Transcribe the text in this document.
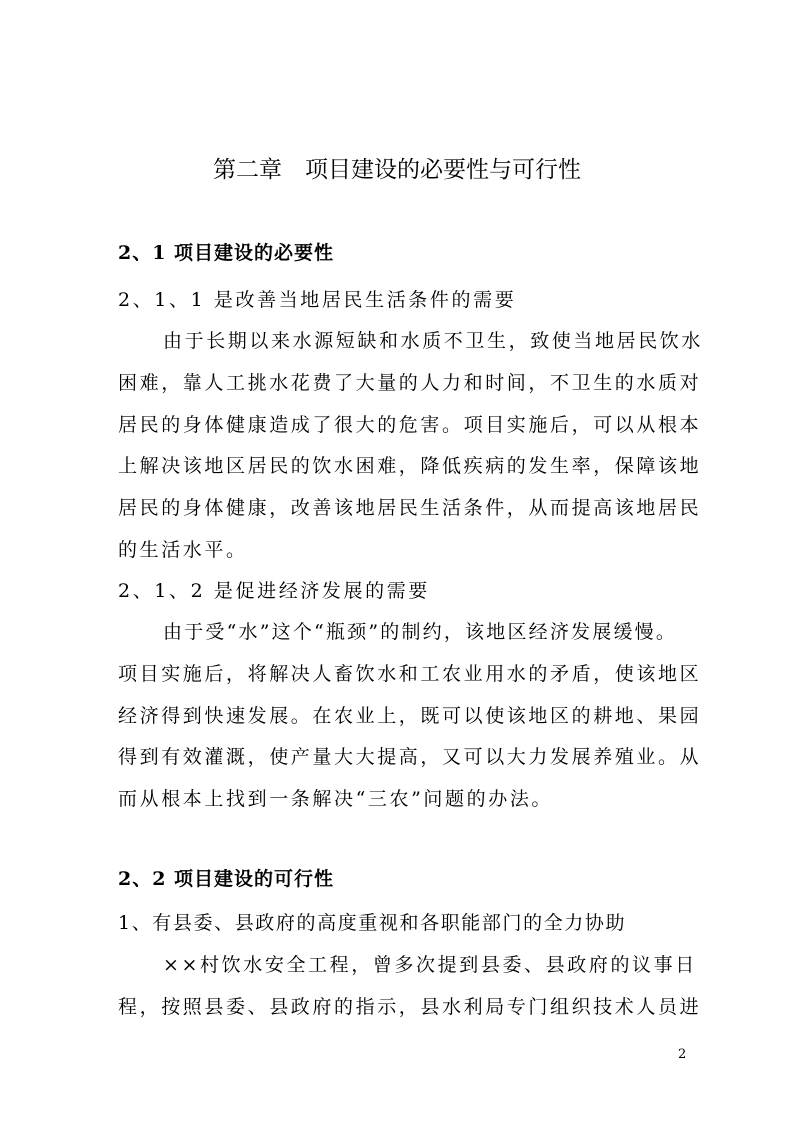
第二章　项目建设的必要性与可行性
2、1 项目建设的必要性
2、1、1 是改善当地居民生活条件的需要
由于长期以来水源短缺和水质不卫生，致使当地居民饮水
困难，靠人工挑水花费了大量的人力和时间，不卫生的水质对
居民的身体健康造成了很大的危害。项目实施后，可以从根本
上解决该地区居民的饮水困难，降低疾病的发生率，保障该地
居民的身体健康，改善该地居民生活条件，从而提高该地居民
的生活水平。
2、1、2 是促进经济发展的需要
由于受“水”这个“瓶颈”的制约，该地区经济发展缓慢。
项目实施后，将解决人畜饮水和工农业用水的矛盾，使该地区
经济得到快速发展。在农业上，既可以使该地区的耕地、果园
得到有效灌溉，使产量大大提高，又可以大力发展养殖业。从
而从根本上找到一条解决“三农”问题的办法。
2、2 项目建设的可行性
1、有县委、县政府的高度重视和各职能部门的全力协助
××村饮水安全工程，曾多次提到县委、县政府的议事日
程，按照县委、县政府的指示，县水利局专门组织技术人员进
2
